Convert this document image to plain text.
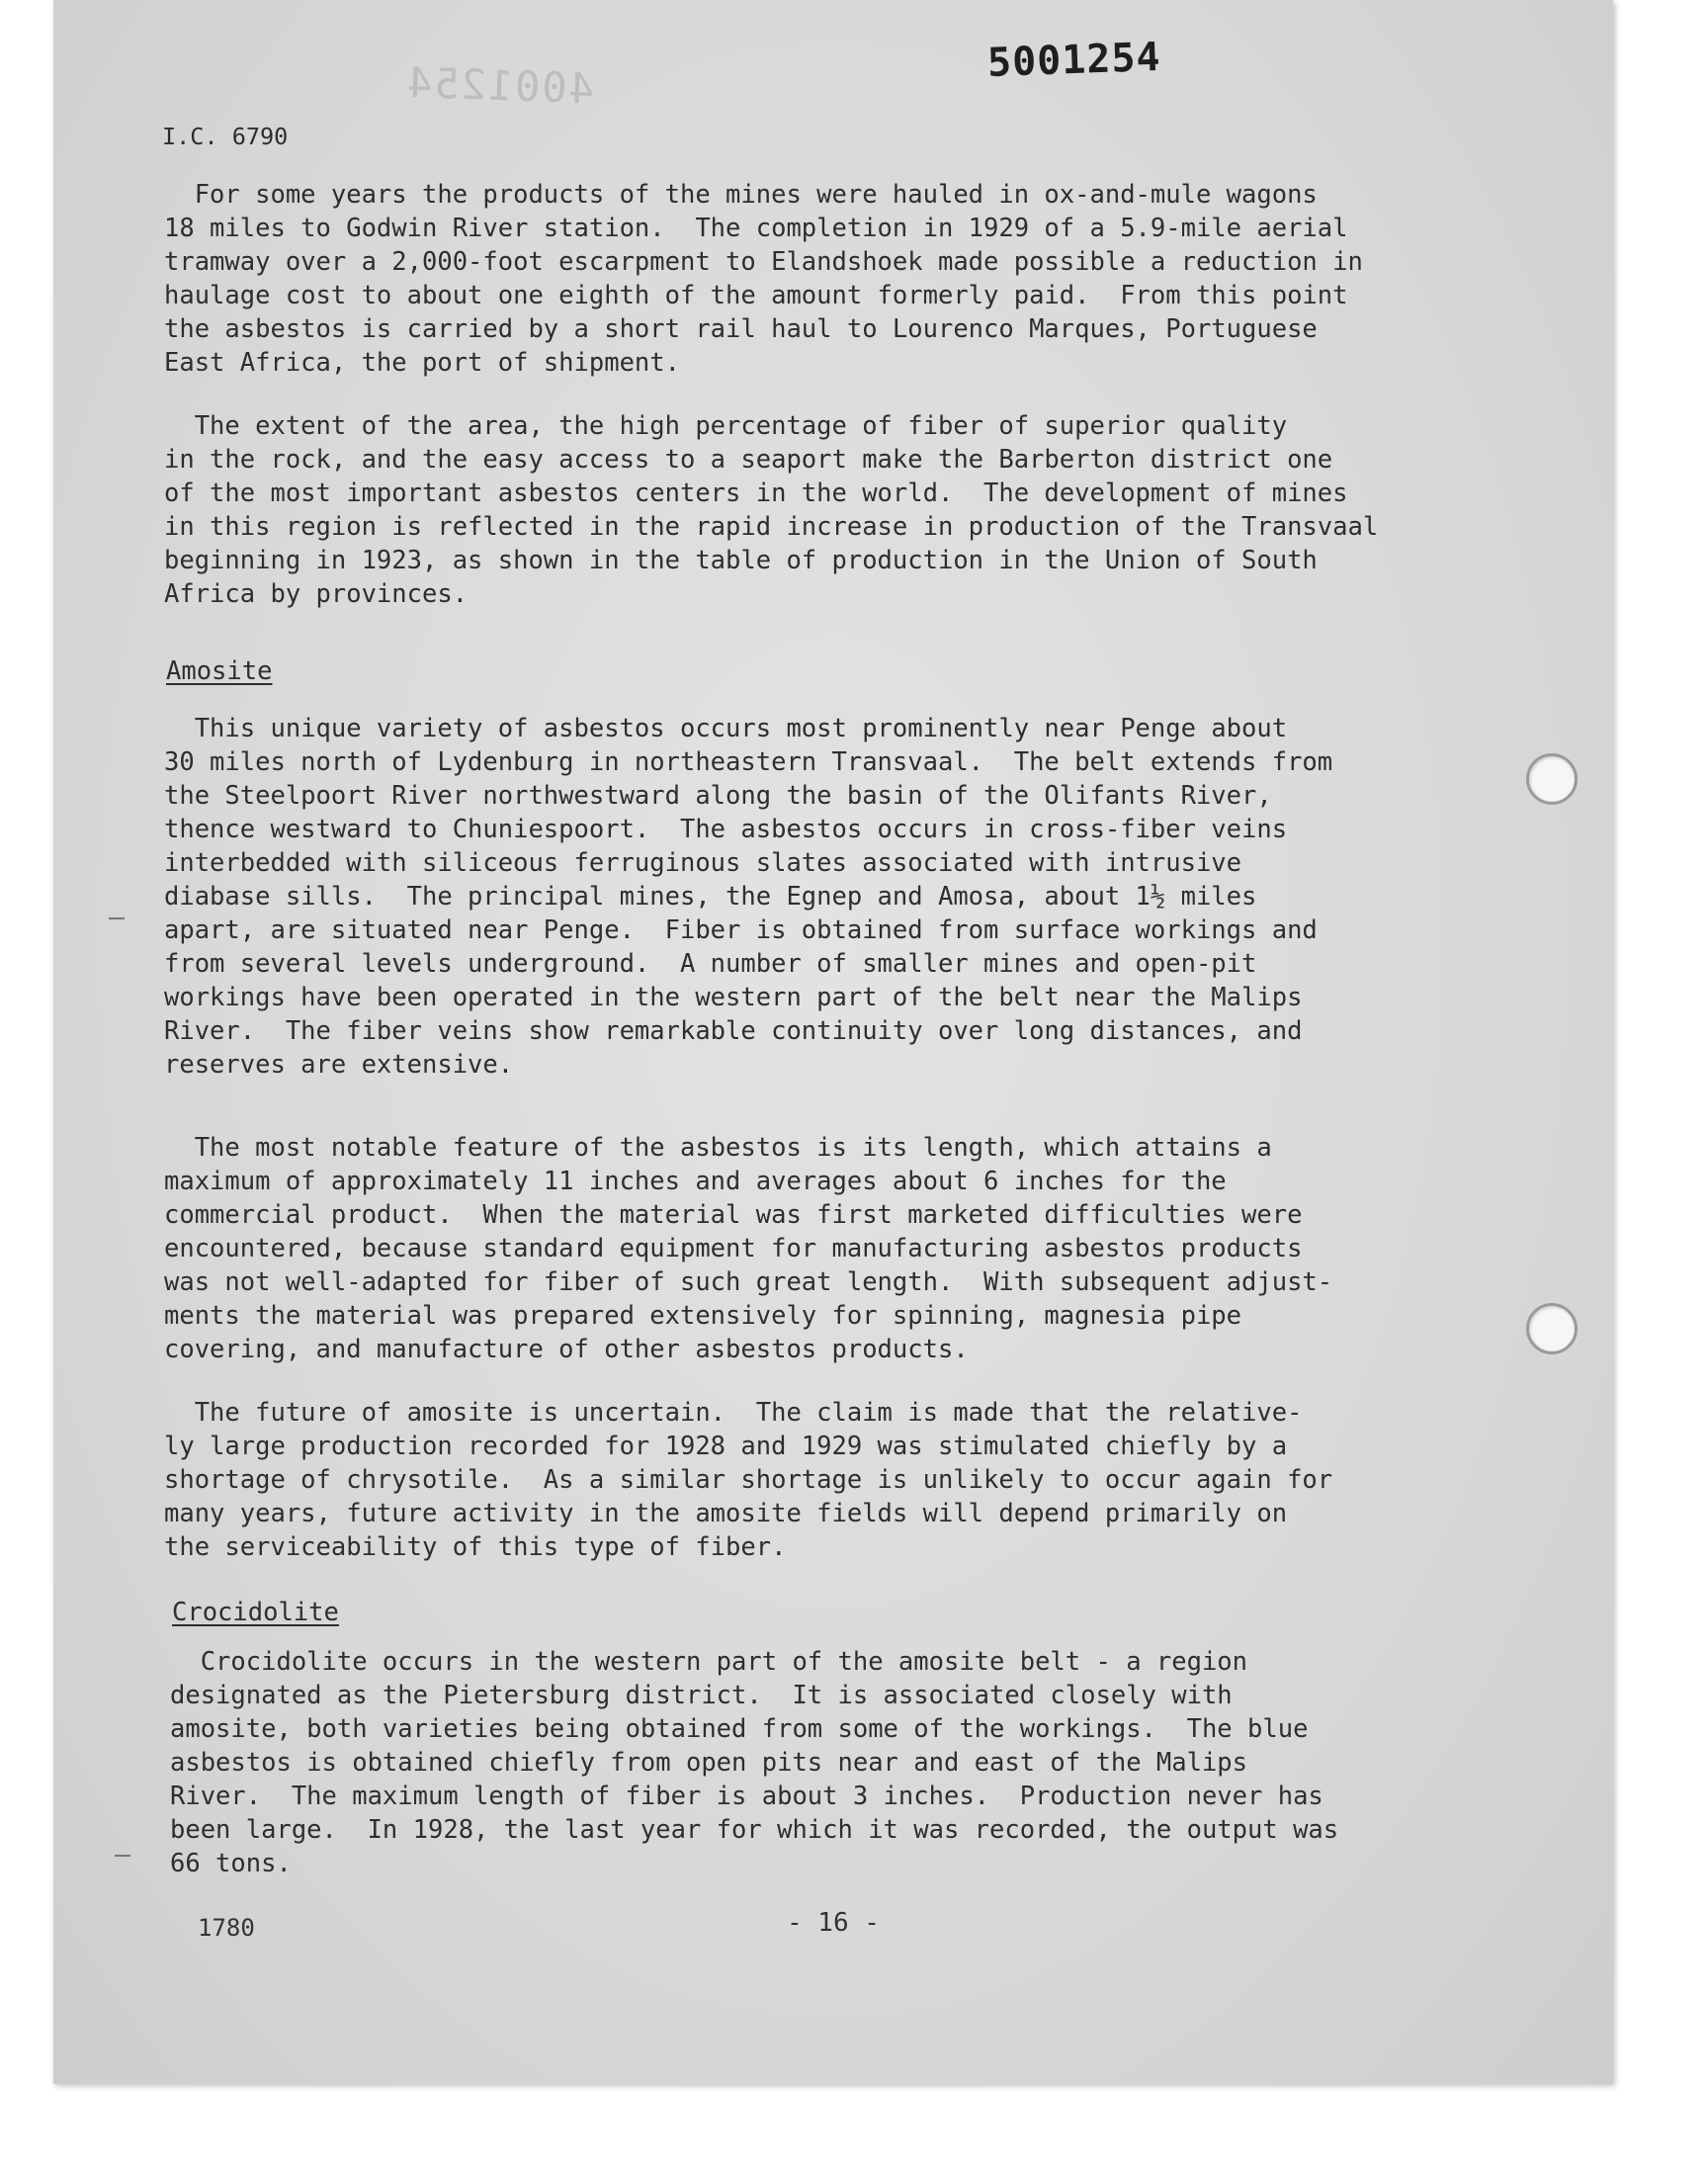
4001254	5001254
I.C. 6790
For some years the products of the mines were hauled in ox-and-mule wagons
18 miles to Godwin River station.  The completion in 1929 of a 5.9-mile aerial
tramway over a 2,000-foot escarpment to Elandshoek made possible a reduction in
haulage cost to about one eighth of the amount formerly paid.  From this point
the asbestos is carried by a short rail haul to Lourenco Marques, Portuguese
East Africa, the port of shipment.
The extent of the area, the high percentage of fiber of superior quality
in the rock, and the easy access to a seaport make the Barberton district one
of the most important asbestos centers in the world.  The development of mines
in this region is reflected in the rapid increase in production of the Transvaal
beginning in 1923, as shown in the table of production in the Union of South
Africa by provinces.
Amosite
This unique variety of asbestos occurs most prominently near Penge about
30 miles north of Lydenburg in northeastern Transvaal.  The belt extends from
the Steelpoort River northwestward along the basin of the Olifants River,
thence westward to Chuniespoort.  The asbestos occurs in cross-fiber veins
interbedded with siliceous ferruginous slates associated with intrusive
diabase sills.  The principal mines, the Egnep and Amosa, about 1½ miles
apart, are situated near Penge.  Fiber is obtained from surface workings and
from several levels underground.  A number of smaller mines and open-pit
workings have been operated in the western part of the belt near the Malips
River.  The fiber veins show remarkable continuity over long distances, and
reserves are extensive.
The most notable feature of the asbestos is its length, which attains a
maximum of approximately 11 inches and averages about 6 inches for the
commercial product.  When the material was first marketed difficulties were
encountered, because standard equipment for manufacturing asbestos products
was not well-adapted for fiber of such great length.  With subsequent adjust-
ments the material was prepared extensively for spinning, magnesia pipe
covering, and manufacture of other asbestos products.
The future of amosite is uncertain.  The claim is made that the relative-
ly large production recorded for 1928 and 1929 was stimulated chiefly by a
shortage of chrysotile.  As a similar shortage is unlikely to occur again for
many years, future activity in the amosite fields will depend primarily on
the serviceability of this type of fiber.
Crocidolite
Crocidolite occurs in the western part of the amosite belt - a region
designated as the Pietersburg district.  It is associated closely with
amosite, both varieties being obtained from some of the workings.  The blue
asbestos is obtained chiefly from open pits near and east of the Malips
River.  The maximum length of fiber is about 3 inches.  Production never has
been large.  In 1928, the last year for which it was recorded, the output was
66 tons.
1780	- 16 -
